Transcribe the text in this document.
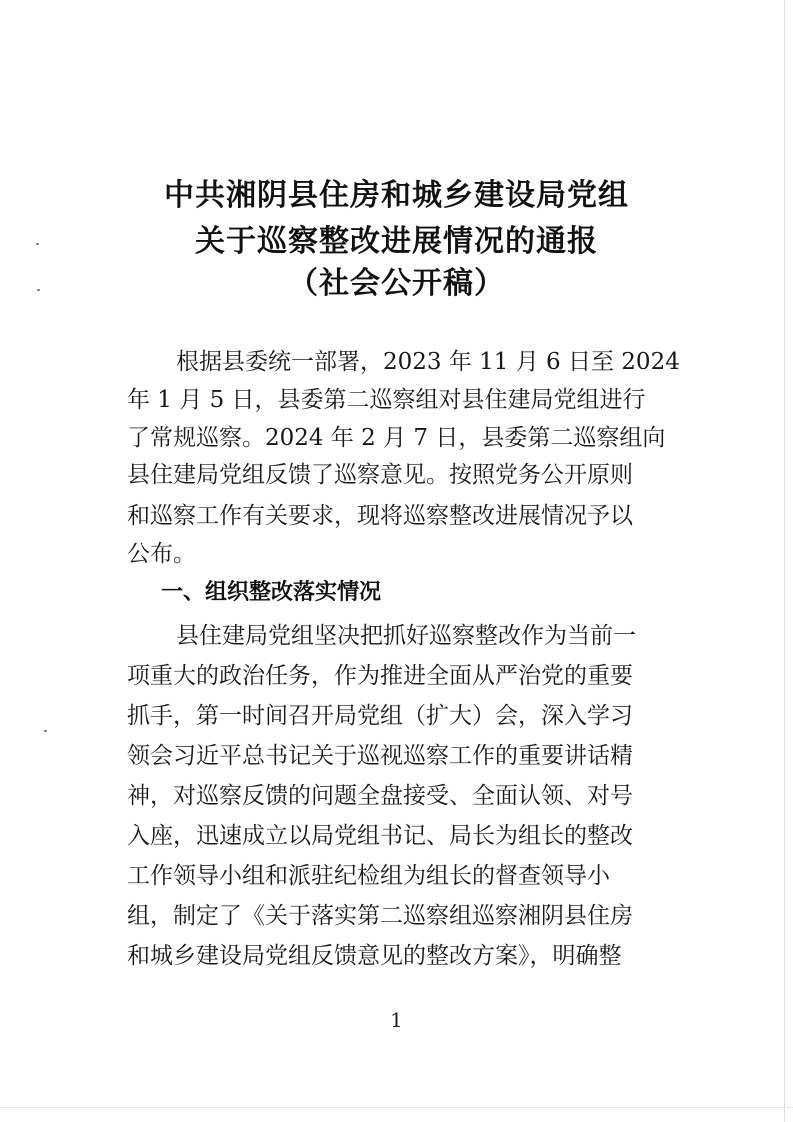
中共湘阴县住房和城乡建设局党组
关于巡察整改进展情况的通报
（社会公开稿）
根据县委统一部署，2023 年 11 月 6 日至 2024
年 1 月 5 日，县委第二巡察组对县住建局党组进行
了常规巡察。2024 年 2 月 7 日，县委第二巡察组向
县住建局党组反馈了巡察意见。按照党务公开原则
和巡察工作有关要求，现将巡察整改进展情况予以
公布。
一、组织整改落实情况
县住建局党组坚决把抓好巡察整改作为当前一
项重大的政治任务，作为推进全面从严治党的重要
抓手，第一时间召开局党组（扩大）会，深入学习
领会习近平总书记关于巡视巡察工作的重要讲话精
神，对巡察反馈的问题全盘接受、全面认领、对号
入座，迅速成立以局党组书记、局长为组长的整改
工作领导小组和派驻纪检组为组长的督查领导小
组，制定了《关于落实第二巡察组巡察湘阴县住房
和城乡建设局党组反馈意见的整改方案》，明确整
1
